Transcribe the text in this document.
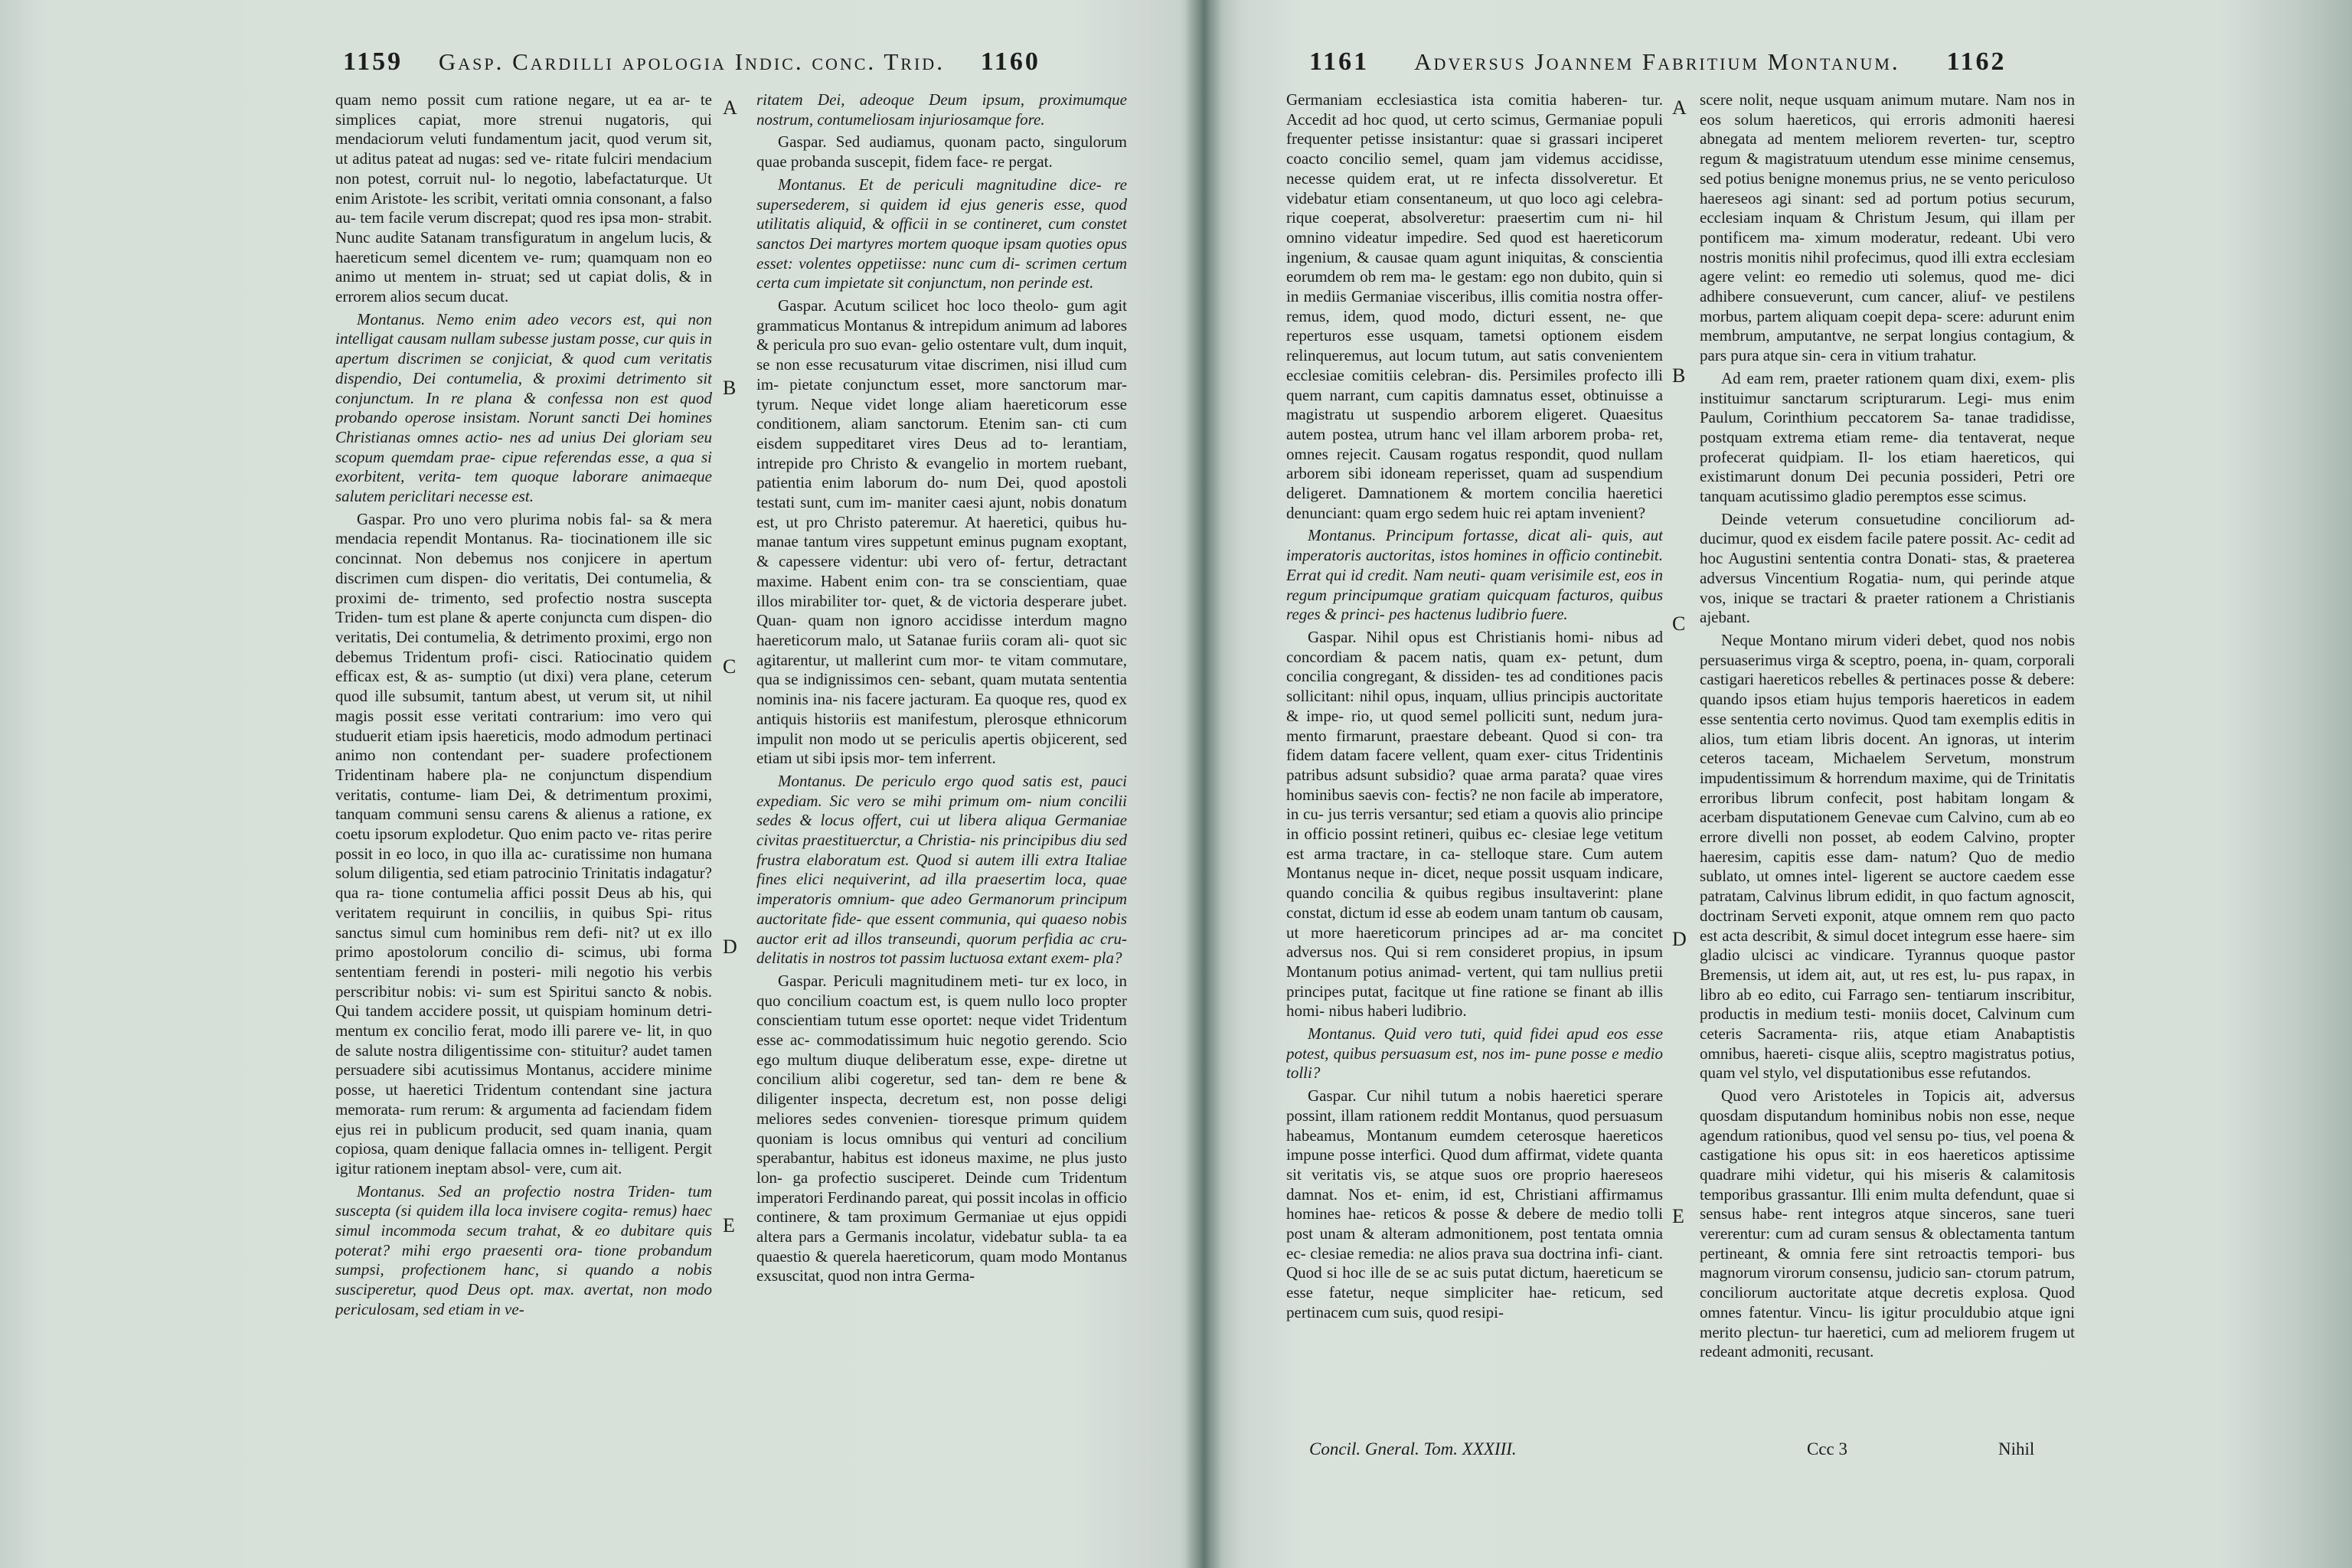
1159 Gasp. Cardilli apologia Indic. conc. Trid. 1160

quam nemo possit cum ratione negare, ut ea ar- te simplices capiat, more strenui nugatoris, qui mendaciorum veluti fundamentum jacit, quod verum sit, ut aditus pateat ad nugas: sed ve- ritate fulciri mendacium non potest, corruit nul- lo negotio, labefactaturque. Ut enim Aristote- les scribit, veritati omnia consonant, a falso au- tem facile verum discrepat; quod res ipsa mon- strabit. Nunc audite Satanam transfiguratum in angelum lucis, & haereticum semel dicentem ve- rum; quamquam non eo animo ut mentem in- struat; sed ut capiat dolis, & in errorem alios secum ducat.

Montanus. Nemo enim adeo vecors est, qui non intelligat causam nullam subesse justam posse, cur quis in apertum discrimen se conjiciat, & quod cum veritatis dispendio, Dei contumelia, & proximi detrimento sit conjunctum. In re plana & confessa non est quod probando operose insistam. Norunt sancti Dei homines Christianas omnes actio- nes ad unius Dei gloriam seu scopum quemdam prae- cipue referendas esse, a qua si exorbitent, verita- tem quoque laborare animaeque salutem periclitari necesse est.

Gaspar. Pro uno vero plurima nobis fal- sa & mera mendacia rependit Montanus. Ra- tiocinationem ille sic concinnat. Non debemus nos conjicere in apertum discrimen cum dispen- dio veritatis, Dei contumelia, & proximi de- trimento, sed profectio nostra suscepta Triden- tum est plane & aperte conjuncta cum dispen- dio veritatis, Dei contumelia, & detrimento proximi, ergo non debemus Tridentum profi- cisci. Ratiocinatio quidem efficax est, & as- sumptio (ut dixi) vera plane, ceterum quod ille subsumit, tantum abest, ut verum sit, ut nihil magis possit esse veritati contrarium: imo vero qui studuerit etiam ipsis haereticis, modo admodum pertinaci animo non contendant per- suadere profectionem Tridentinam habere pla- ne conjunctum dispendium veritatis, contume- liam Dei, & detrimentum proximi, tanquam communi sensu carens & alienus a ratione, ex coetu ipsorum explodetur. Quo enim pacto ve- ritas perire possit in eo loco, in quo illa ac- curatissime non humana solum diligentia, sed etiam patrocinio Trinitatis indagatur? qua ra- tione contumelia affici possit Deus ab his, qui veritatem requirunt in conciliis, in quibus Spi- ritus sanctus simul cum hominibus rem defi- nit? ut ex illo primo apostolorum concilio di- scimus, ubi forma sententiam ferendi in posteri- mili negotio his verbis perscribitur nobis: vi- sum est Spiritui sancto & nobis. Qui tandem accidere possit, ut quispiam hominum detri- mentum ex concilio ferat, modo illi parere ve- lit, in quo de salute nostra diligentissime con- stituitur? audet tamen persuadere sibi acutissimus Montanus, accidere minime posse, ut haeretici Tridentum contendant sine jactura memorata- rum rerum: & argumenta ad faciendam fidem ejus rei in publicum producit, sed quam inania, quam copiosa, quam denique fallacia omnes in- telligent. Pergit igitur rationem ineptam absol- vere, cum ait.

Montanus. Sed an profectio nostra Triden- tum suscepta (si quidem illa loca invisere cogita- remus) haec simul incommoda secum trahat, & eo dubitare quis poterat? mihi ergo praesenti ora- tione probandum sumpsi, profectionem hanc, si quando a nobis susciperetur, quod Deus opt. max. avertat, non modo periculosam, sed etiam in ve-

ritatem Dei, adeoque Deum ipsum, proximumque nostrum, contumeliosam injuriosamque fore.

Gaspar. Sed audiamus, quonam pacto, singulorum quae probanda suscepit, fidem face- re pergat.

Montanus. Et de periculi magnitudine dice- re supersederem, si quidem id ejus generis esse, quod utilitatis aliquid, & officii in se contineret, cum constet sanctos Dei martyres mortem quoque ipsam quoties opus esset: volentes oppetiisse: nunc cum di- scrimen certum certa cum impietate sit conjunctum, non perinde est.

Gaspar. Acutum scilicet hoc loco theolo- gum agit grammaticus Montanus & intrepidum animum ad labores & pericula pro suo evan- gelio ostentare vult, dum inquit, se non esse recusaturum vitae discrimen, nisi illud cum im- pietate conjunctum esset, more sanctorum mar- tyrum. Neque videt longe aliam haereticorum esse conditionem, aliam sanctorum. Etenim san- cti cum eisdem suppeditaret vires Deus ad to- lerantiam, intrepide pro Christo & evangelio in mortem ruebant, patientia enim laborum do- num Dei, quod apostoli testati sunt, cum im- maniter caesi ajunt, nobis donatum est, ut pro Christo pateremur. At haeretici, quibus hu- manae tantum vires suppetunt eminus pugnam exoptant, & capessere videntur: ubi vero of- fertur, detractant maxime. Habent enim con- tra se conscientiam, quae illos mirabiliter tor- quet, & de victoria desperare jubet. Quan- quam non ignoro accidisse interdum magno haereticorum malo, ut Satanae furiis coram ali- quot sic agitarentur, ut mallerint cum mor- te vitam commutare, qua se indignissimos cen- sebant, quam mutata sententia nominis ina- nis facere jacturam. Ea quoque res, quod ex antiquis historiis est manifestum, plerosque ethnicorum impulit non modo ut se periculis apertis objicerent, sed etiam ut sibi ipsis mor- tem inferrent.

Montanus. De periculo ergo quod satis est, pauci expediam. Sic vero se mihi primum om- nium concilii sedes & locus offert, cui ut libera aliqua Germaniae civitas praestituerctur, a Christia- nis principibus diu sed frustra elaboratum est. Quod si autem illi extra Italiae fines elici nequiverint, ad illa praesertim loca, quae imperatoris omnium- que adeo Germanorum principum auctoritate fide- que essent communia, qui quaeso nobis auctor erit ad illos transeundi, quorum perfidia ac cru- delitatis in nostros tot passim luctuosa extant exem- pla?

Gaspar. Periculi magnitudinem meti- tur ex loco, in quo concilium coactum est, is quem nullo loco propter conscientiam tutum esse oportet: neque videt Tridentum esse ac- commodatissimum huic negotio gerendo. Scio ego multum diuque deliberatum esse, expe- diretne ut concilium alibi cogeretur, sed tan- dem re bene & diligenter inspecta, decretum est, non posse deligi meliores sedes convenien- tioresque primum quidem quoniam is locus omnibus qui venturi ad concilium sperabantur, habitus est idoneus maxime, ne plus justo lon- ga profectio susciperet. Deinde cum Tridentum imperatori Ferdinando pareat, qui possit incolas in officio continere, & tam proximum Germaniae ut ejus oppidi altera pars a Germanis incolatur, videbatur subla- ta ea quaestio & querela haereticorum, quam modo Montanus exsuscitat, quod non intra Germa-

A
B
C
D
E
1161 Adversus Joannem Fabritium Montanum. 1162

Germaniam ecclesiastica ista comitia haberen- tur. Accedit ad hoc quod, ut certo scimus, Germaniae populi frequenter petisse insistantur: quae si grassari inciperet coacto concilio semel, quam jam videmus accidisse, necesse quidem erat, ut re infecta dissolveretur. Et videbatur etiam consentaneum, ut quo loco agi celebra- rique coeperat, absolveretur: praesertim cum ni- hil omnino videatur impedire. Sed quod est haereticorum ingenium, & causae quam agunt iniquitas, & conscientia eorumdem ob rem ma- le gestam: ego non dubito, quin si in mediis Germaniae visceribus, illis comitia nostra offer- remus, idem, quod modo, dicturi essent, ne- que reperturos esse usquam, tametsi optionem eisdem relinqueremus, aut locum tutum, aut satis convenientem ecclesiae comitiis celebran- dis. Persimiles profecto illi quem narrant, cum capitis damnatus esset, obtinuisse a magistratu ut suspendio arborem eligeret. Quaesitus autem postea, utrum hanc vel illam arborem proba- ret, omnes rejecit. Causam rogatus respondit, quod nullam arborem sibi idoneam reperisset, quam ad suspendium deligeret. Damnationem & mortem concilia haeretici denunciant: quam ergo sedem huic rei aptam invenient?

Montanus. Principum fortasse, dicat ali- quis, aut imperatoris auctoritas, istos homines in officio continebit. Errat qui id credit. Nam neuti- quam verisimile est, eos in regum principumque gratiam quicquam facturos, quibus reges & princi- pes hactenus ludibrio fuere.

Gaspar. Nihil opus est Christianis homi- nibus ad concordiam & pacem natis, quam ex- petunt, dum concilia congregant, & dissiden- tes ad conditiones pacis sollicitant: nihil opus, inquam, ullius principis auctoritate & impe- rio, ut quod semel polliciti sunt, nedum jura- mento firmarunt, praestare debeant. Quod si con- tra fidem datam facere vellent, quam exer- citus Tridentinis patribus adsunt subsidio? quae arma parata? quae vires hominibus saevis con- fectis? ne non facile ab imperatore, in cu- jus terris versantur; sed etiam a quovis alio principe in officio possint retineri, quibus ec- clesiae lege vetitum est arma tractare, in ca- stelloque stare. Cum autem Montanus neque in- dicet, neque possit usquam indicare, quando concilia & quibus regibus insultaverint: plane constat, dictum id esse ab eodem unam tantum ob causam, ut more haereticorum principes ad ar- ma concitet adversus nos. Qui si rem consideret propius, in ipsum Montanum potius animad- vertent, qui tam nullius pretii principes putat, facitque ut fine ratione se finant ab illis homi- nibus haberi ludibrio.

Montanus. Quid vero tuti, quid fidei apud eos esse potest, quibus persuasum est, nos im- pune posse e medio tolli?

Gaspar. Cur nihil tutum a nobis haeretici sperare possint, illam rationem reddit Montanus, quod persuasum habeamus, Montanum eumdem ceterosque haereticos impune posse interfici. Quod dum affirmat, videte quanta sit veritatis vis, se atque suos ore proprio haereseos damnat. Nos et- enim, id est, Christiani affirmamus homines hae- reticos & posse & debere de medio tolli post unam & alteram admonitionem, post tentata omnia ec- clesiae remedia: ne alios prava sua doctrina infi- ciant. Quod si hoc ille de se ac suis putat dictum, haereticum se esse fatetur, neque simpliciter hae- reticum, sed pertinacem cum suis, quod resipi-

scere nolit, neque usquam animum mutare. Nam nos in eos solum haereticos, qui erroris admoniti haeresi abnegata ad mentem meliorem reverten- tur, sceptro regum & magistratuum utendum esse minime censemus, sed potius benigne monemus prius, ne se vento periculoso haereseos agi sinant: sed ad portum potius securum, ecclesiam inquam & Christum Jesum, qui illam per pontificem ma- ximum moderatur, redeant. Ubi vero nostris monitis nihil profecimus, quod illi extra ecclesiam agere velint: eo remedio uti solemus, quod me- dici adhibere consueverunt, cum cancer, aliuf- ve pestilens morbus, partem aliquam coepit depa- scere: adurunt enim membrum, amputantve, ne serpat longius contagium, & pars pura atque sin- cera in vitium trahatur.

Ad eam rem, praeter rationem quam dixi, exem- plis instituimur sanctarum scripturarum. Legi- mus enim Paulum, Corinthium peccatorem Sa- tanae tradidisse, postquam extrema etiam reme- dia tentaverat, neque profecerat quidpiam. Il- los etiam haereticos, qui existimarunt donum Dei pecunia possideri, Petri ore tanquam acutissimo gladio peremptos esse scimus.

Deinde veterum consuetudine conciliorum ad- ducimur, quod ex eisdem facile patere possit. Ac- cedit ad hoc Augustini sententia contra Donati- stas, & praeterea adversus Vincentium Rogatia- num, qui perinde atque vos, inique se tractari & praeter rationem a Christianis ajebant.

Neque Montano mirum videri debet, quod nos nobis persuaserimus virga & sceptro, poena, in- quam, corporali castigari haereticos rebelles & pertinaces posse & debere: quando ipsos etiam hujus temporis haereticos in eadem esse sententia certo novimus. Quod tam exemplis editis in alios, tum etiam libris docent. An ignoras, ut interim ceteros taceam, Michaelem Servetum, monstrum impudentissimum & horrendum maxime, qui de Trinitatis erroribus librum confecit, post habitam longam & acerbam disputationem Genevae cum Calvino, cum ab eo errore divelli non posset, ab eodem Calvino, propter haeresim, capitis esse dam- natum? Quo de medio sublato, ut omnes intel- ligerent se auctore caedem esse patratam, Calvinus librum edidit, in quo factum agnoscit, doctrinam Serveti exponit, atque omnem rem quo pacto est acta describit, & simul docet integrum esse haere- sim gladio ulcisci ac vindicare. Tyrannus quoque pastor Bremensis, ut idem ait, aut, ut res est, lu- pus rapax, in libro ab eo edito, cui Farrago sen- tentiarum inscribitur, productis in medium testi- moniis docet, Calvinum cum ceteris Sacramenta- riis, atque etiam Anabaptistis omnibus, haereti- cisque aliis, sceptro magistratus potius, quam vel stylo, vel disputationibus esse refutandos.

Quod vero Aristoteles in Topicis ait, adversus quosdam disputandum hominibus nobis non esse, neque agendum rationibus, quod vel sensu po- tius, vel poena & castigatione his opus sit: in eos haereticos aptissime quadrare mihi videtur, qui his miseris & calamitosis temporibus grassantur. Illi enim multa defendunt, quae si sensus habe- rent integros atque sinceros, sane tueri vererentur: cum ad curam sensus & oblectamenta tantum pertineant, & omnia fere sint retroactis tempori- bus magnorum virorum consensu, judicio san- ctorum patrum, conciliorum auctoritate atque decretis explosa. Quod omnes fatentur. Vincu- lis igitur proculdubio atque igni merito plectun- tur haeretici, cum ad meliorem frugem ut redeant admoniti, recusant.

A
B
C
D
E
Concil. Gneral. Tom. XXXIII.	Ccc 3	Nihil
